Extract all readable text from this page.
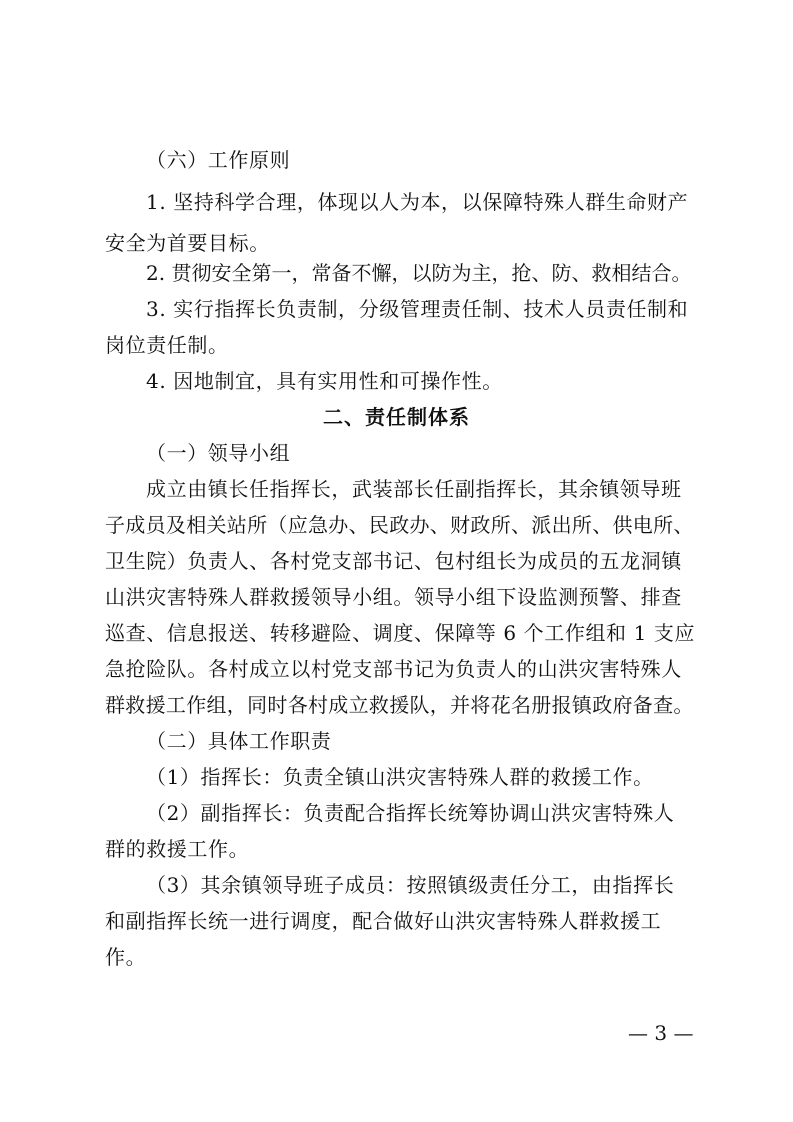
（六）工作原则
1. 坚持科学合理，体现以人为本，以保障特殊人群生命财产
安全为首要目标。
2. 贯彻安全第一，常备不懈，以防为主，抢、防、救相结合。
3. 实行指挥长负责制，分级管理责任制、技术人员责任制和
岗位责任制。
4. 因地制宜，具有实用性和可操作性。
二、责任制体系
（一）领导小组
成立由镇长任指挥长，武装部长任副指挥长，其余镇领导班
子成员及相关站所（应急办、民政办、财政所、派出所、供电所、
卫生院）负责人、各村党支部书记、包村组长为成员的五龙洞镇
山洪灾害特殊人群救援领导小组。领导小组下设监测预警、排查
巡查、信息报送、转移避险、调度、保障等 6 个工作组和 1 支应
急抢险队。各村成立以村党支部书记为负责人的山洪灾害特殊人
群救援工作组，同时各村成立救援队，并将花名册报镇政府备查。
（二）具体工作职责
（1）指挥长：负责全镇山洪灾害特殊人群的救援工作。
（2）副指挥长：负责配合指挥长统筹协调山洪灾害特殊人
群的救援工作。
（3）其余镇领导班子成员：按照镇级责任分工，由指挥长
和副指挥长统一进行调度，配合做好山洪灾害特殊人群救援工
作。
— 3 —
